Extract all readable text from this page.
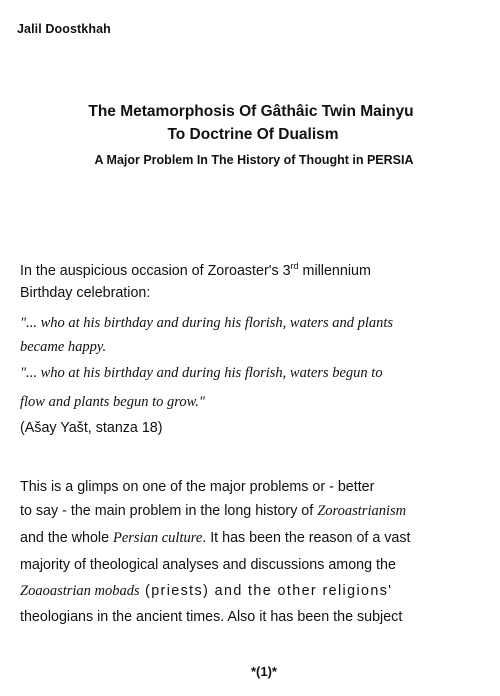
Jalil Doostkhah
The Metamorphosis Of Gâthâic Twin Mainyu
To Doctrine Of Dualism
A Major Problem In The History of Thought in PERSIA
In the auspicious occasion of Zoroaster's 3rd millennium
Birthday celebration:
"... who at his birthday and during his florish, waters and plants
became happy.
"... who at his birthday and during his florish, waters begun to
flow and plants begun to grow."
(Ašay Yašt, stanza 18)
This is a glimps on one of the major problems or - better
to say - the main problem in the long history of Zoroastrianism
and the whole Persian culture. It has been the reason of a vast
majority of theological analyses and discussions among the
Zoaoastrian mobads (priests) and the other religions'
theologians in the ancient times. Also it has been the subject
*(1)*
